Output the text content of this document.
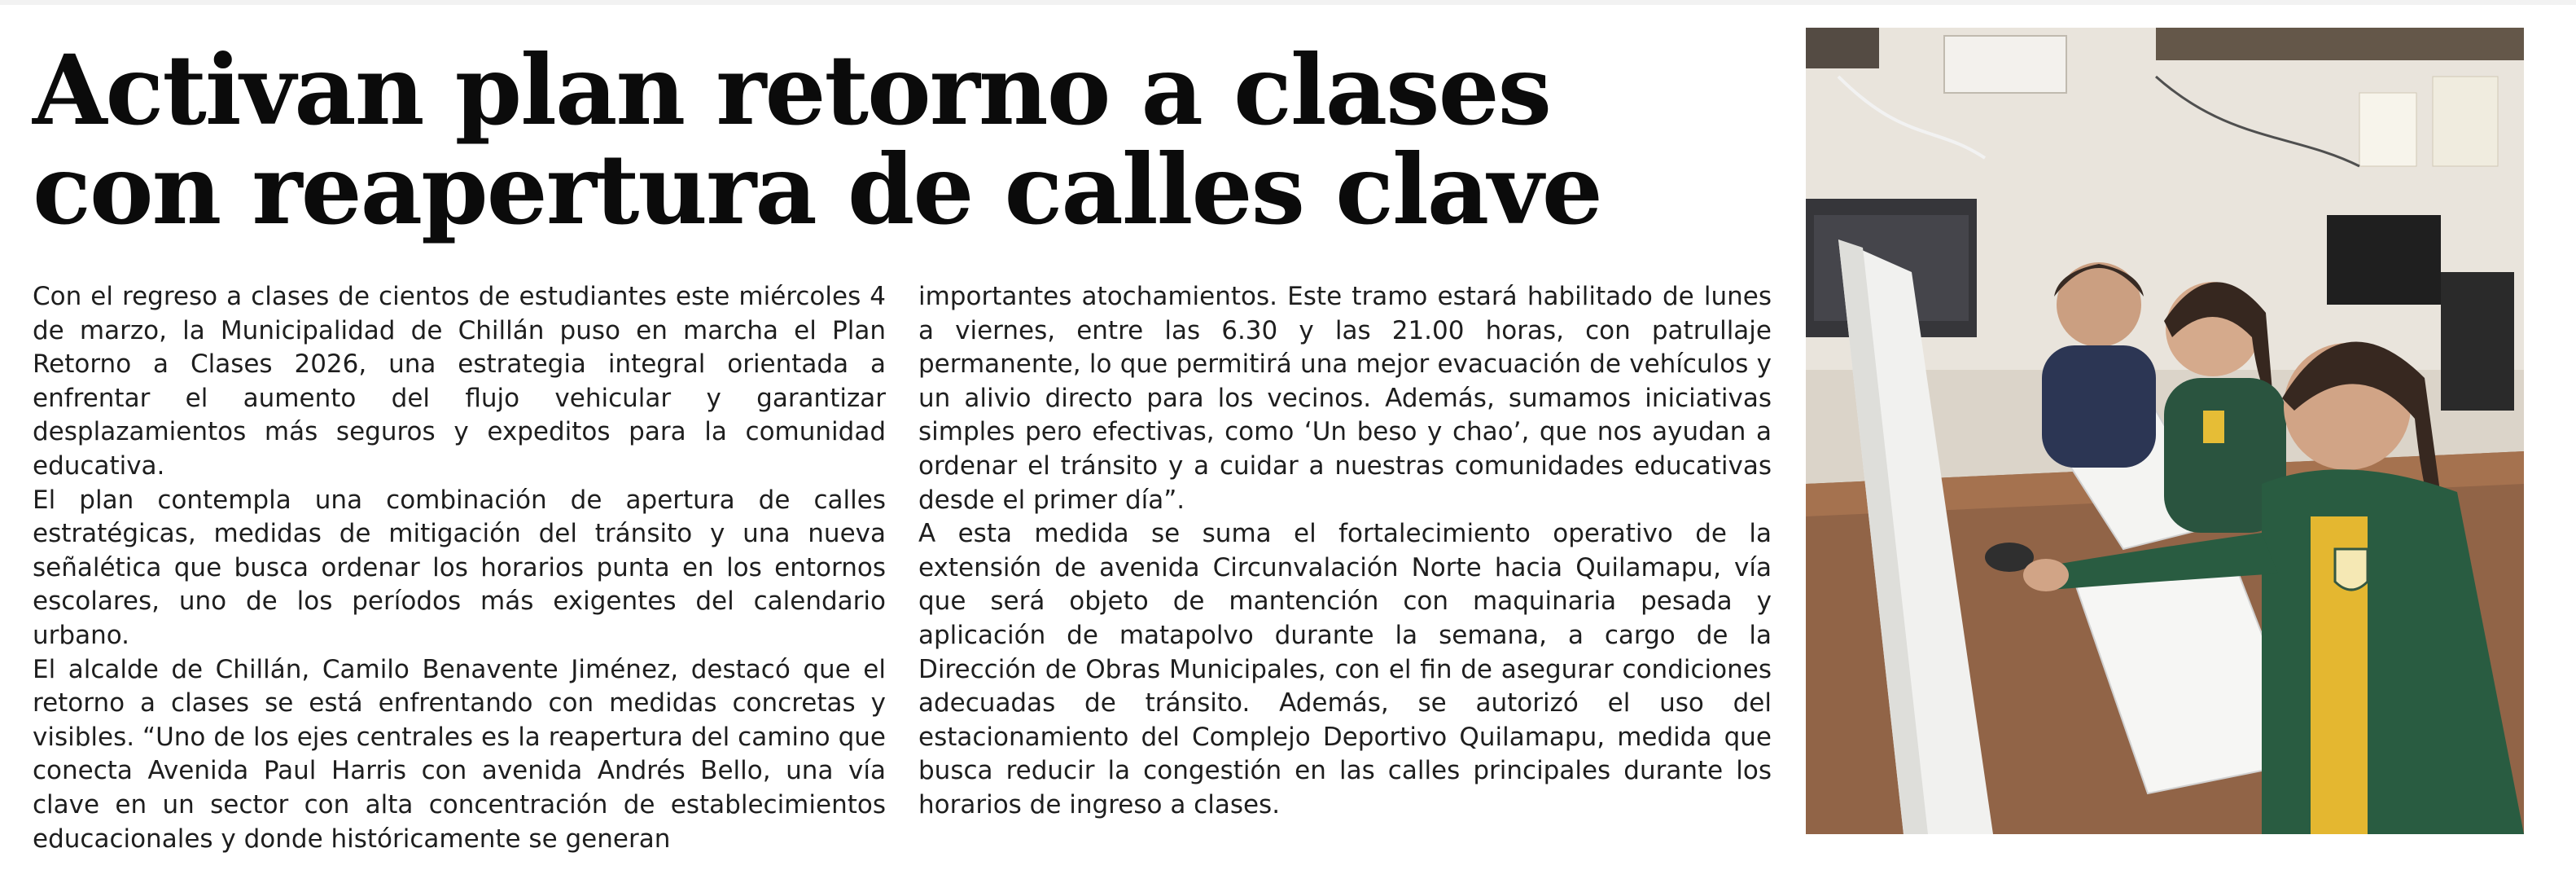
Activan plan retorno a clases
con reapertura de calles clave

Con el regreso a clases de cientos de estudiantes este miércoles 4 de marzo, la Municipalidad de Chillán puso en marcha el Plan Retorno a Clases 2026, una estrategia integral orientada a enfrentar el aumento del flujo vehicular y garantizar desplazamientos más seguros y expeditos para la comunidad educativa.

El plan contempla una combinación de apertura de calles estratégicas, medidas de mitigación del tránsito y una nueva señalética que busca ordenar los horarios punta en los entornos escolares, uno de los períodos más exigentes del calendario urbano.

El alcalde de Chillán, Camilo Benavente Jiménez, destacó que el retorno a clases se está enfrentando con medidas concretas y visibles. “Uno de los ejes centrales es la reapertura del camino que conecta Avenida Paul Harris con avenida Andrés Bello, una vía clave en un sector con alta concentración de establecimientos educacionales y donde históricamente se generan

importantes atochamientos. Este tramo estará habilitado de lunes a viernes, entre las 6.30 y las 21.00 horas, con patrullaje permanente, lo que permitirá una mejor evacuación de vehículos y un alivio directo para los vecinos. Además, sumamos iniciativas simples pero efectivas, como ‘Un beso y chao’, que nos ayudan a ordenar el tránsito y a cuidar a nuestras comunidades educativas desde el primer día”.

A esta medida se suma el fortalecimiento operativo de la extensión de avenida Circunvalación Norte hacia Quilamapu, vía que será objeto de mantención con maquinaria pesada y aplicación de matapolvo durante la semana, a cargo de la Dirección de Obras Municipales, con el fin de asegurar condiciones adecuadas de tránsito. Además, se autorizó el uso del estacionamiento del Complejo Deportivo Quilamapu, medida que busca reducir la congestión en las calles principales durante los horarios de ingreso a clases.
